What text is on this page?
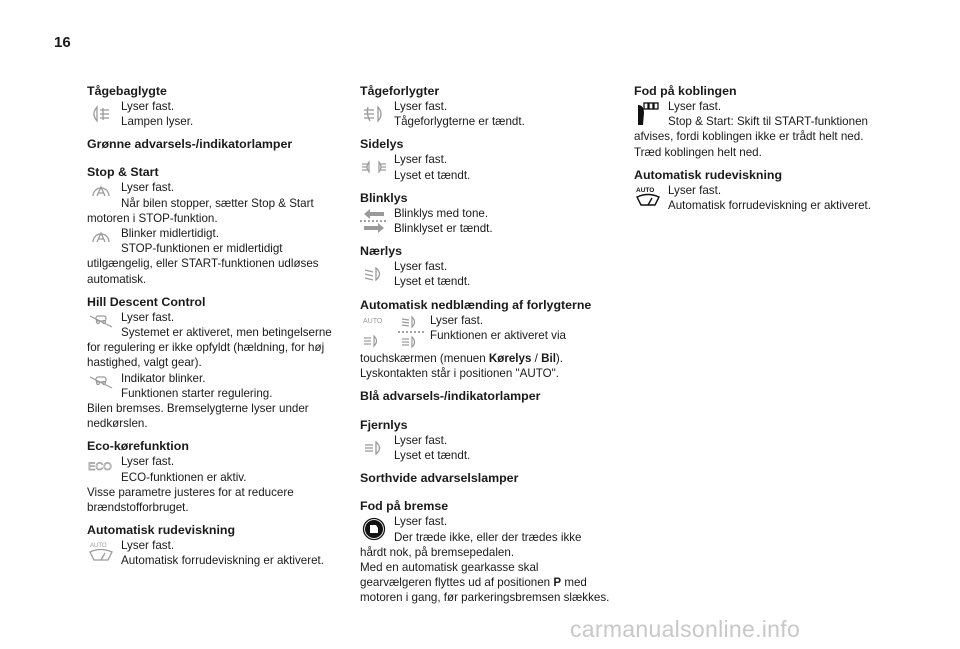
16

Tågebaglygte

Lyser fast.
Lampen lyser.

Grønne advarsels-/indikatorlamper

Stop & Start

Lyser fast.
Når bilen stopper, sætter Stop & Start
motoren i STOP-funktion.
Blinker midlertidigt.
STOP-funktionen er midlertidigt
utilgængelig, eller START-funktionen udløses
automatisk.

Hill Descent Control

Lyser fast.
Systemet er aktiveret, men betingelserne
for regulering er ikke opfyldt (hældning, for høj
hastighed, valgt gear).
Indikator blinker.
Funktionen starter regulering.
Bilen bremses. Bremselygterne lyser under
nedkørslen.

Eco-kørefunktion

ECO Lyser fast.
ECO-funktionen er aktiv.
Visse parametre justeres for at reducere
brændstofforbruget.

Automatisk rudeviskning

AUTO	Lyser fast.
Automatisk forrudeviskning er aktiveret.

Tågeforlygter

Lyser fast.
Tågeforlygterne er tændt.

Sidelys

Lyser fast.
Lyset et tændt.

Blinklys

Blinklys med tone.
Blinklyset er tændt.

Nærlys

Lyser fast.
Lyset et tændt.

Automatisk nedblænding af forlygterne

AUTO	Lyser fast.
Funktionen er aktiveret via
touchskærmen (menuen Kørelys / Bil).
Lyskontakten står i positionen "AUTO".

Blå advarsels-/indikatorlamper

Fjernlys

Lyser fast.
Lyset et tændt.

Sorthvide advarselslamper

Fod på bremse

Lyser fast.
Der træde ikke, eller der trædes ikke
hårdt nok, på bremsepedalen.
Med en automatisk gearkasse skal
gearvælgeren flyttes ud af positionen P med
motoren i gang, før parkeringsbremsen slækkes.

Fod på koblingen

Lyser fast.
Stop & Start: Skift til START-funktionen
afvises, fordi koblingen ikke er trådt helt ned.
Træd koblingen helt ned.

Automatisk rudeviskning

AUTO	Lyser fast.
Automatisk forrudeviskning er aktiveret.
carmanualsonline.info
